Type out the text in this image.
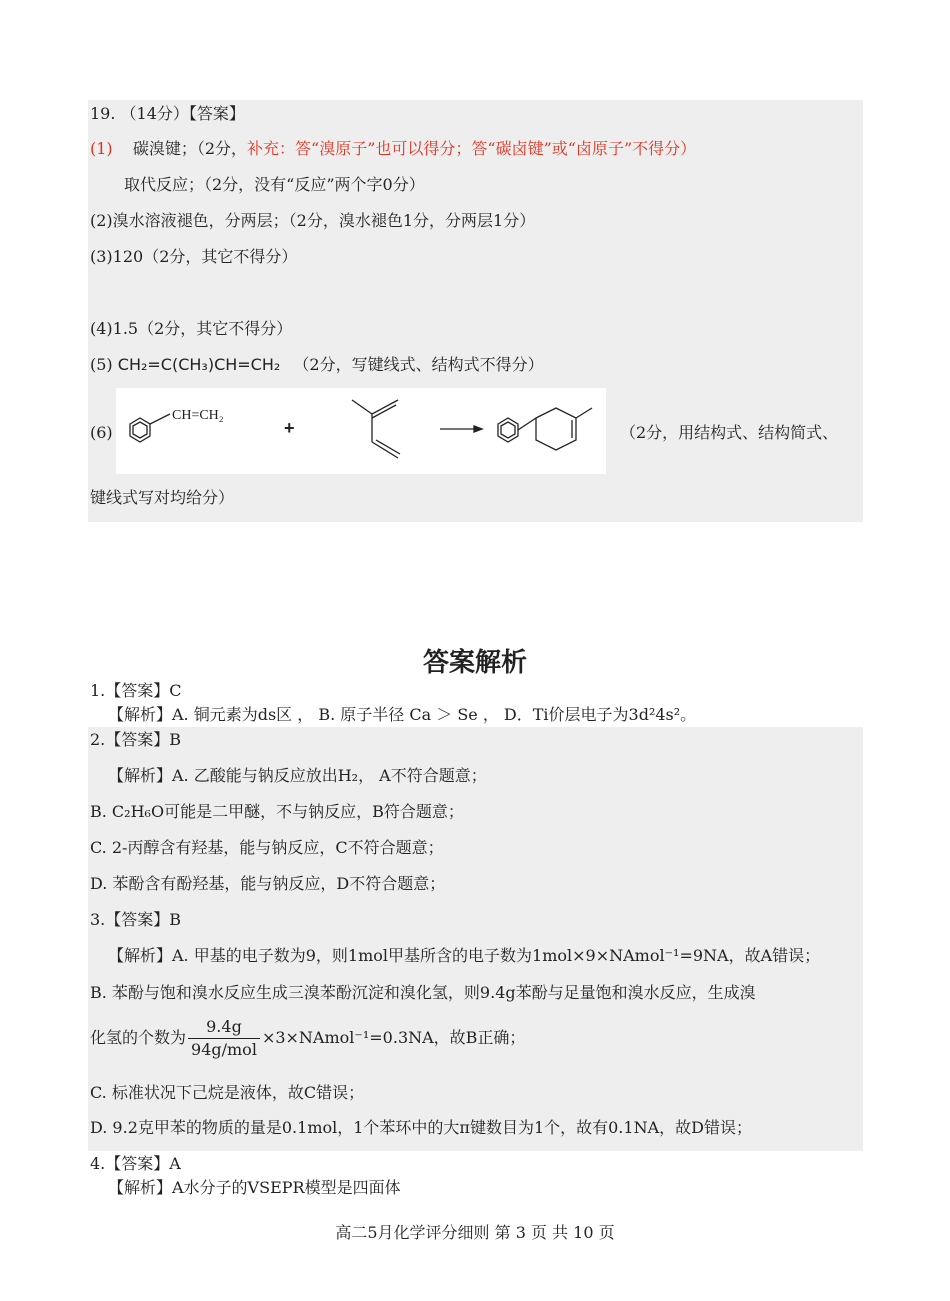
19. （14分）【答案】
(1) 碳溴键；（2分，补充：答“溴原子”也可以得分；答“碳卤键”或“卤原子”不得分）
取代反应；（2分，没有“反应”两个字0分）
(2)溴水溶液褪色，分两层；（2分，溴水褪色1分，分两层1分）
(3)120（2分，其它不得分）
(4)1.5（2分，其它不得分）
(5) CH₂=C(CH₃)CH=CH₂ （2分，写键线式、结构式不得分）
(6)
CH=CH₂
+	（2分，用结构式、结构简式、
键线式写对均给分）
答案解析
1.【答案】C
【解析】A. 铜元素为ds区 ， B. 原子半径 Ca ＞ Se ， D．Ti价层电子为3d²4s²。
2.【答案】B
【解析】A. 乙酸能与钠反应放出H₂， A不符合题意；
B. C₂H₆O可能是二甲醚，不与钠反应，B符合题意；
C. 2-丙醇含有羟基，能与钠反应，C不符合题意；
D. 苯酚含有酚羟基，能与钠反应，D不符合题意；
3.【答案】B
【解析】A. 甲基的电子数为9，则1mol甲基所含的电子数为1mol×9×NAmol⁻¹=9NA，故A错误；
B. 苯酚与饱和溴水反应生成三溴苯酚沉淀和溴化氢，则9.4g苯酚与足量饱和溴水反应，生成溴
化氢的个数为 $\frac{9.4g}{\text{94g/mol}}$ ×3×NAmol⁻¹=0.3NA，故B正确；
C. 标准状况下己烷是液体，故C错误；
D. 9.2克甲苯的物质的量是0.1mol，1个苯环中的大π键数目为1个，故有0.1NA，故D错误；
4.【答案】A
【解析】A水分子的VSEPR模型是四面体
高二5月化学评分细则 第 3 页 共 10 页
